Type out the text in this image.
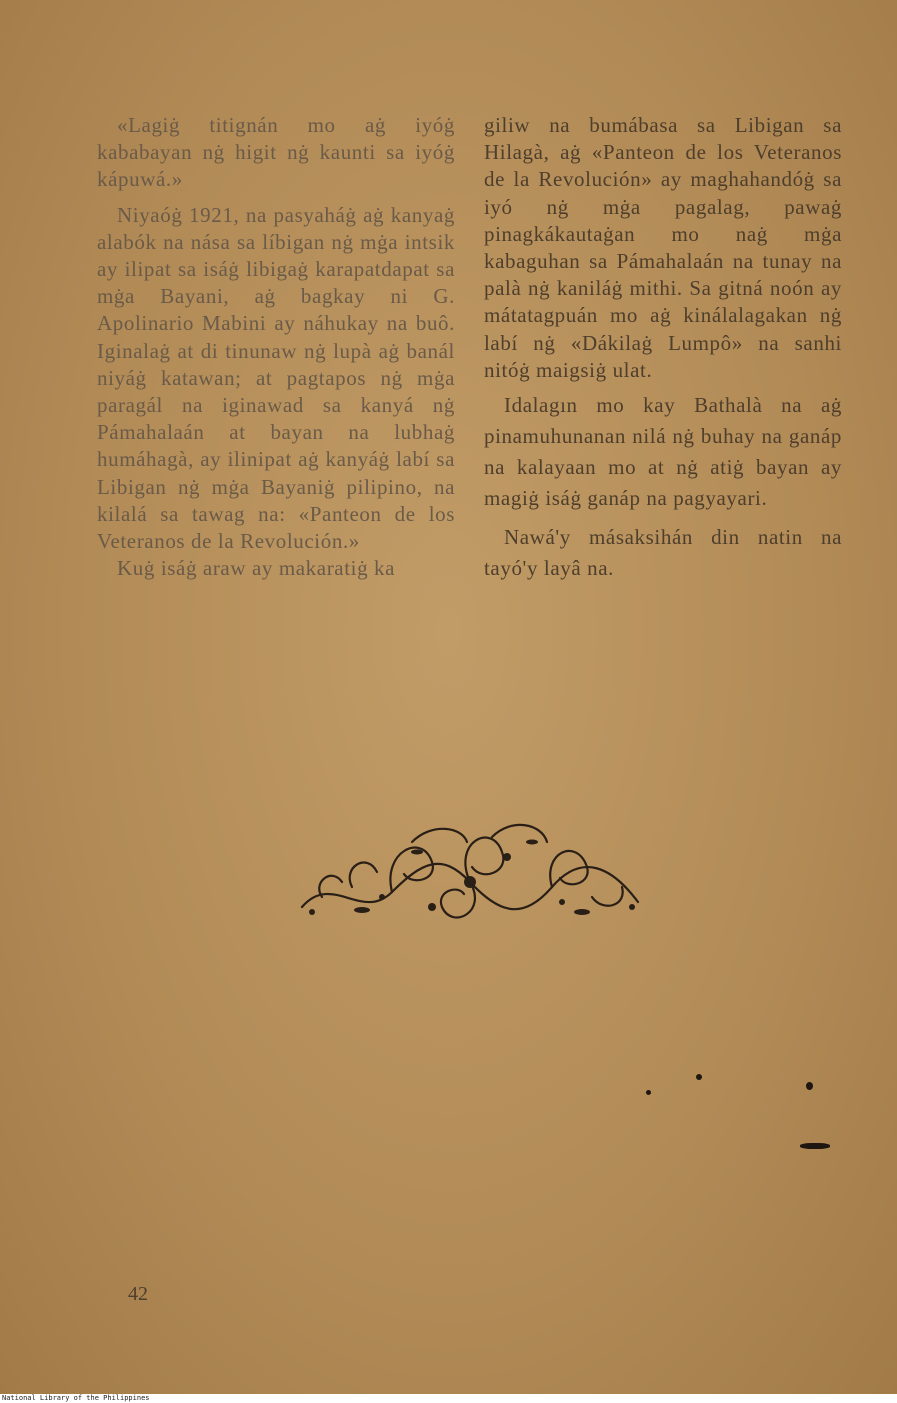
«Lagiġ titignán mo aġ iyóġ kababayan nġ higit nġ kaunti sa iyóġ kápuwá.»

Niyaóġ 1921, na pasyaháġ aġ kanyaġ alabók na nása sa líbigan nġ mġa intsik ay ilipat sa isáġ libigaġ karapatdapat sa mġa Bayani, aġ bagkay ni G. Apolinario Mabini ay náhukay na buô. Iginalaġ at di tinunaw nġ lupà aġ banál niyáġ katawan; at pagtapos nġ mġa paragál na iginawad sa kanyá nġ Pámahalaán at bayan na lubhaġ humáhagà, ay ilinipat aġ kanyáġ labí sa Libigan nġ mġa Bayaniġ pilipino, na kilalá sa tawag na: «Panteon de los Veteranos de la Revolución.»

Kuġ isáġ araw ay makaratiġ ka

giliw na bumábasa sa Libigan sa Hilagà, aġ «Panteon de los Veteranos de la Revolución» ay maghahandóġ sa iyó nġ mġa pagalag, pawaġ pinagkákautaġan mo naġ mġa kabaguhan sa Pámahalaán na tunay na palà nġ kaniláġ mithi. Sa gitná noón ay mátatagpuán mo aġ kinálalagakan nġ labí nġ «Dákilaġ Lumpô» na sanhi nitóġ maigsiġ ulat.

Idalagın mo kay Bathalà na aġ pinamuhunanan nilá nġ buhay na ganáp na kalayaan mo at nġ atiġ bayan ay magiġ isáġ ganáp na pagyayari.

Nawá'y másaksihán din natin na tayó'y layâ na.

42
National Library of the Philippines
